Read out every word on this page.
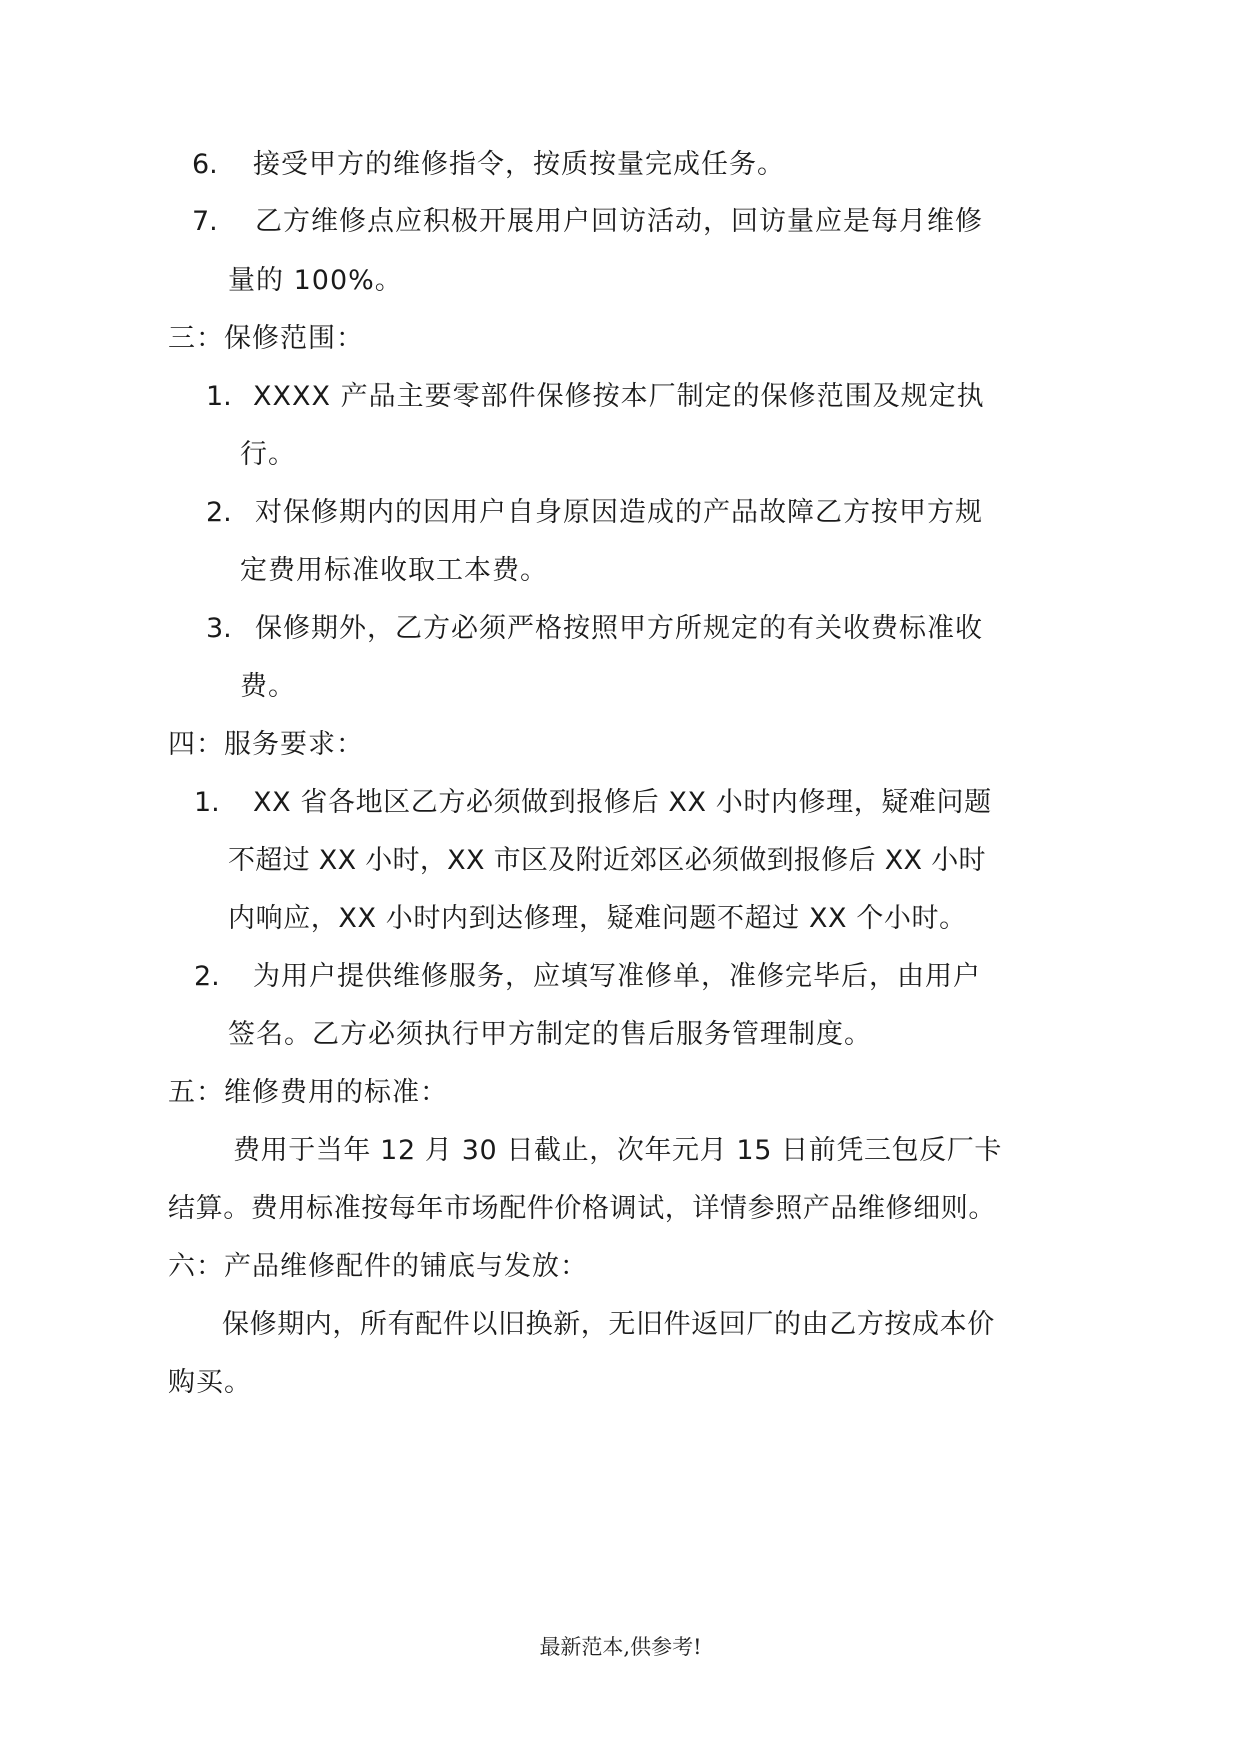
6. 接受甲方的维修指令，按质按量完成任务。
7. 乙方维修点应积极开展用户回访活动，回访量应是每月维修
量的 100%。
三：保修范围：
1. XXXX 产品主要零部件保修按本厂制定的保修范围及规定执
行。
2. 对保修期内的因用户自身原因造成的产品故障乙方按甲方规
定费用标准收取工本费。
3. 保修期外，乙方必须严格按照甲方所规定的有关收费标准收
费。
四：服务要求：
1. XX 省各地区乙方必须做到报修后 XX 小时内修理，疑难问题
不超过 XX 小时，XX 市区及附近郊区必须做到报修后 XX 小时
内响应，XX 小时内到达修理，疑难问题不超过 XX 个小时。
2. 为用户提供维修服务，应填写准修单，准修完毕后，由用户
签名。乙方必须执行甲方制定的售后服务管理制度。
五：维修费用的标准：
费用于当年 12 月 30 日截止，次年元月 15 日前凭三包反厂卡
结算。费用标准按每年市场配件价格调试，详情参照产品维修细则。
六：产品维修配件的铺底与发放：
保修期内，所有配件以旧换新，无旧件返回厂的由乙方按成本价
购买。
最新范本,供参考!
